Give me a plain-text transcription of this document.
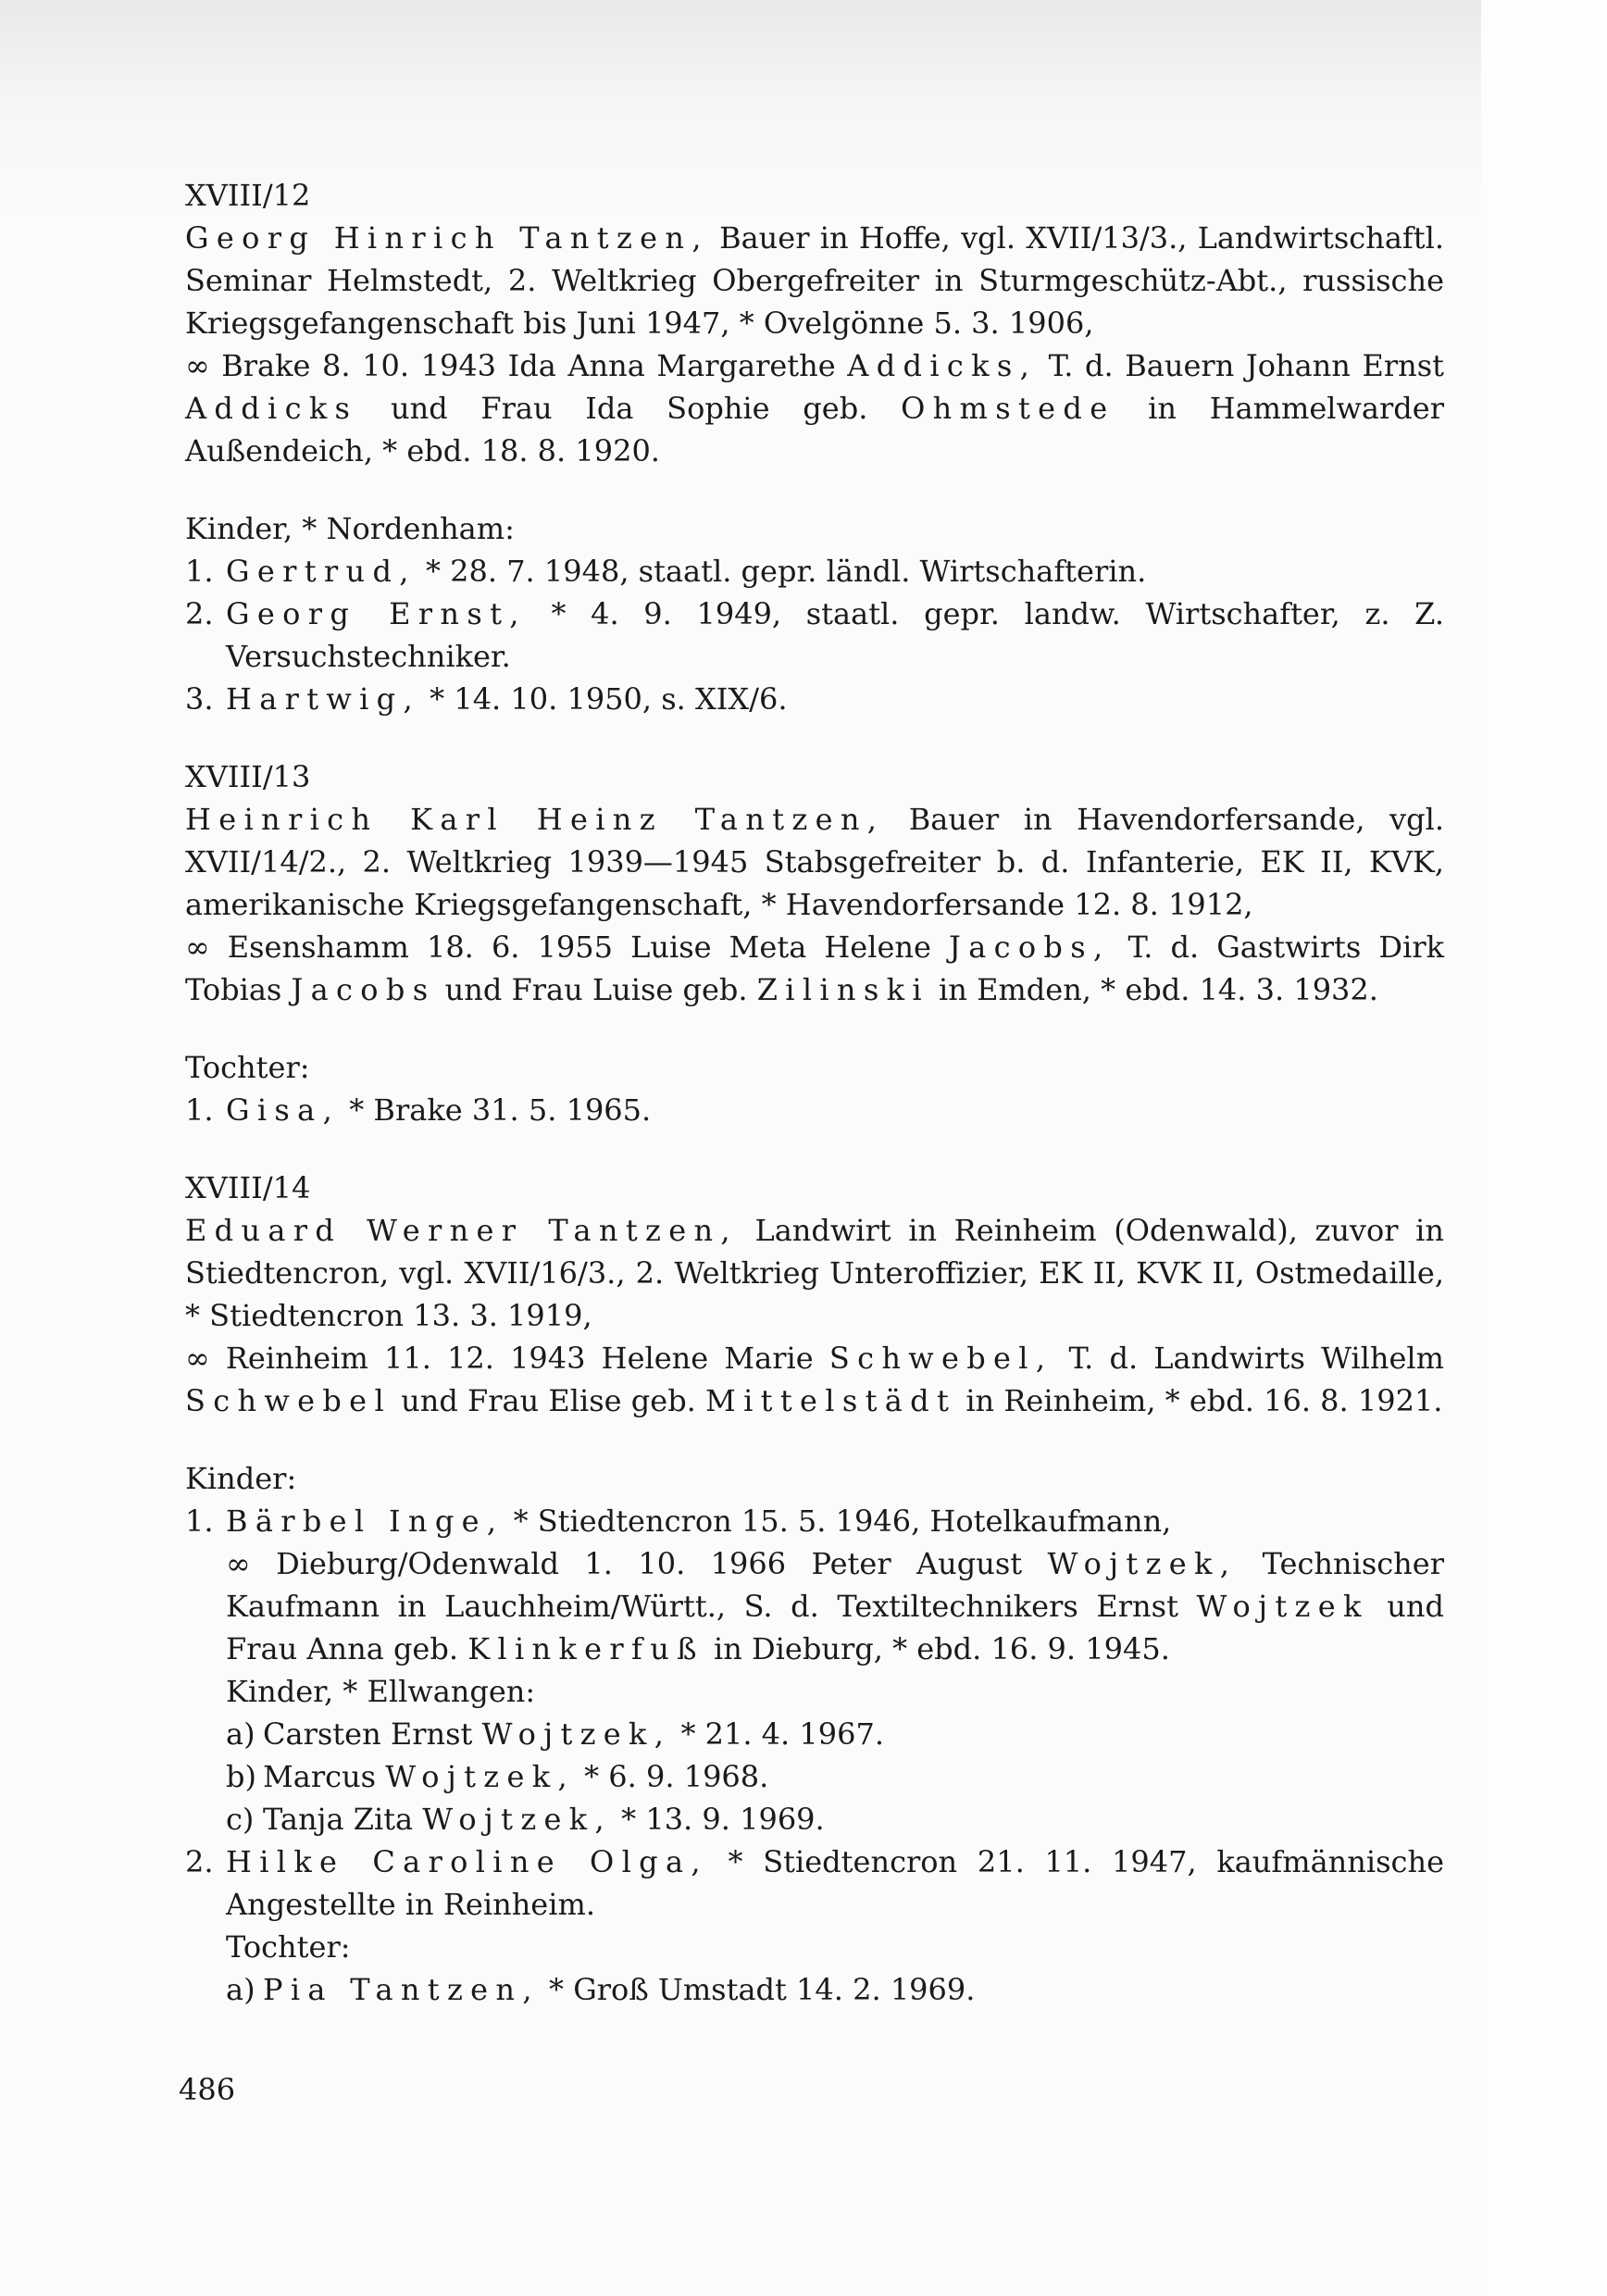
XVIII/12
Georg Hinrich Tantzen, Bauer in Hoffe, vgl. XVII/13/3., Landwirtschaftl. Seminar Helmstedt, 2. Weltkrieg Obergefreiter in Sturmgeschütz-Abt., russische Kriegsgefangenschaft bis Juni 1947, * Ovelgönne 5. 3. 1906,
∞ Brake 8. 10. 1943 Ida Anna Margarethe Addicks, T. d. Bauern Johann Ernst Addicks und Frau Ida Sophie geb. Ohmstede in Hammelwarder Außendeich, * ebd. 18. 8. 1920.
Kinder, * Nordenham:
1. Gertrud, * 28. 7. 1948, staatl. gepr. ländl. Wirtschafterin.
2. Georg Ernst, * 4. 9. 1949, staatl. gepr. landw. Wirtschafter, z. Z. Versuchstechniker.
3. Hartwig, * 14. 10. 1950, s. XIX/6.
XVIII/13
Heinrich Karl Heinz Tantzen, Bauer in Havendorfersande, vgl. XVII/14/2., 2. Weltkrieg 1939—1945 Stabsgefreiter b. d. Infanterie, EK II, KVK, amerikanische Kriegsgefangenschaft, * Havendorfersande 12. 8. 1912,
∞ Esenshamm 18. 6. 1955 Luise Meta Helene Jacobs, T. d. Gastwirts Dirk Tobias Jacobs und Frau Luise geb. Zilinski in Emden, * ebd. 14. 3. 1932.
Tochter:
1. Gisa, * Brake 31. 5. 1965.
XVIII/14
Eduard Werner Tantzen, Landwirt in Reinheim (Odenwald), zuvor in Stiedtencron, vgl. XVII/16/3., 2. Weltkrieg Unteroffizier, EK II, KVK II, Ostmedaille, * Stiedtencron 13. 3. 1919,
∞ Reinheim 11. 12. 1943 Helene Marie Schwebel, T. d. Landwirts Wilhelm Schwebel und Frau Elise geb. Mittelstädt in Reinheim, * ebd. 16. 8. 1921.
Kinder:
1. Bärbel Inge, * Stiedtencron 15. 5. 1946, Hotelkaufmann,
∞ Dieburg/Odenwald 1. 10. 1966 Peter August Wojtzek, Technischer Kaufmann in Lauchheim/Württ., S. d. Textiltechnikers Ernst Wojtzek und Frau Anna geb. Klinkerfuß in Dieburg, * ebd. 16. 9. 1945.
Kinder, * Ellwangen:
a) Carsten Ernst Wojtzek, * 21. 4. 1967.
b) Marcus Wojtzek, * 6. 9. 1968.
c) Tanja Zita Wojtzek, * 13. 9. 1969.
2. Hilke Caroline Olga, * Stiedtencron 21. 11. 1947, kaufmännische Angestellte in Reinheim.
Tochter:
a) Pia Tantzen, * Groß Umstadt 14. 2. 1969.
486
